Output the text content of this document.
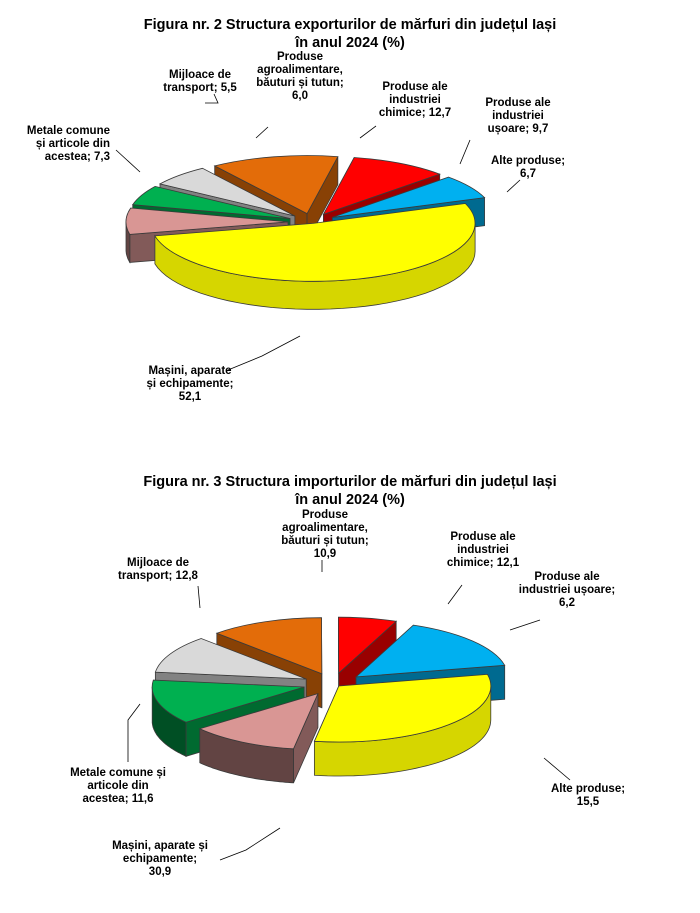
Figura nr. 2 Structura exporturilor de mărfuri din județul Iași
în anul 2024 (%)
Mașini, aparate și echipamente; 52,1
Metale comune și articole din acestea; 7,3
Mijloace de transport; 5,5
Produse agroalimentare, băuturi și tutun; 6,0
Produse ale industriei chimice; 12,7
Produse ale industriei ușoare; 9,7
Alte produse; 6,7
Figura nr. 3 Structura importurilor de mărfuri din județul Iași
în anul 2024 (%)
Mașini, aparate și echipamente; 30,9
Metale comune și articole din acestea; 11,6
Mijloace de transport; 12,8
Produse agroalimentare, băuturi și tutun; 10,9
Produse ale industriei chimice; 12,1
Produse ale industriei ușoare; 6,2
Alte produse; 15,5
